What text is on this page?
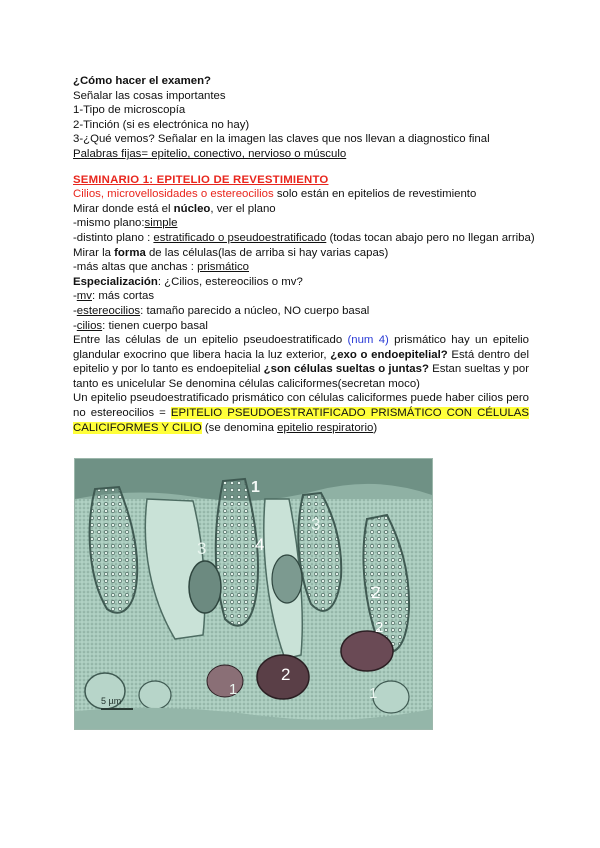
¿Cómo hacer el examen?
Señalar las cosas importantes
1-Tipo de microscopía
2-Tinción (si es electrónica no hay)
3-¿Qué vemos? Señalar en la imagen las claves que nos llevan a diagnostico final
Palabras fijas= epitelio, conectivo, nervioso o músculo
SEMINARIO 1: EPITELIO DE REVESTIMIENTO
Cilios, microvellosidades o estereocilios solo están en epitelios de revestimiento
Mirar donde está el núcleo, ver el plano
-mismo plano:simple
-distinto plano : estratificado o pseudoestratificado (todas tocan abajo pero no llegan arriba)
Mirar la forma de las células(las de arriba si hay varias capas)
-más altas que anchas : prismático
Especialización: ¿Cilios, estereocilios o mv?
-mv: más cortas
-estereocilios: tamaño parecido a núcleo, NO cuerpo basal
-cilios: tienen cuerpo basal
Entre las células de un epitelio pseudoestratificado (num 4) prismático hay un epitelio glandular exocrino que libera hacia la luz exterior, ¿exo o endoepitelial? Está dentro del epitelio y por lo tanto es endoepitelial ¿son células sueltas o juntas? Estan sueltas y por tanto es unicelular Se denomina células caliciformes(secretan moco)
Un epitelio pseudoestratificado prismático con células caliciformes puede haber cilios pero no estereocilios = EPITELIO PSEUDOESTRATIFICADO PRISMÁTICO CON CÉLULAS CALICIFORMES Y CILIO (se denomina epitelio respiratorio)
1
4
3
3
2
2
2
1	1
5 µm
